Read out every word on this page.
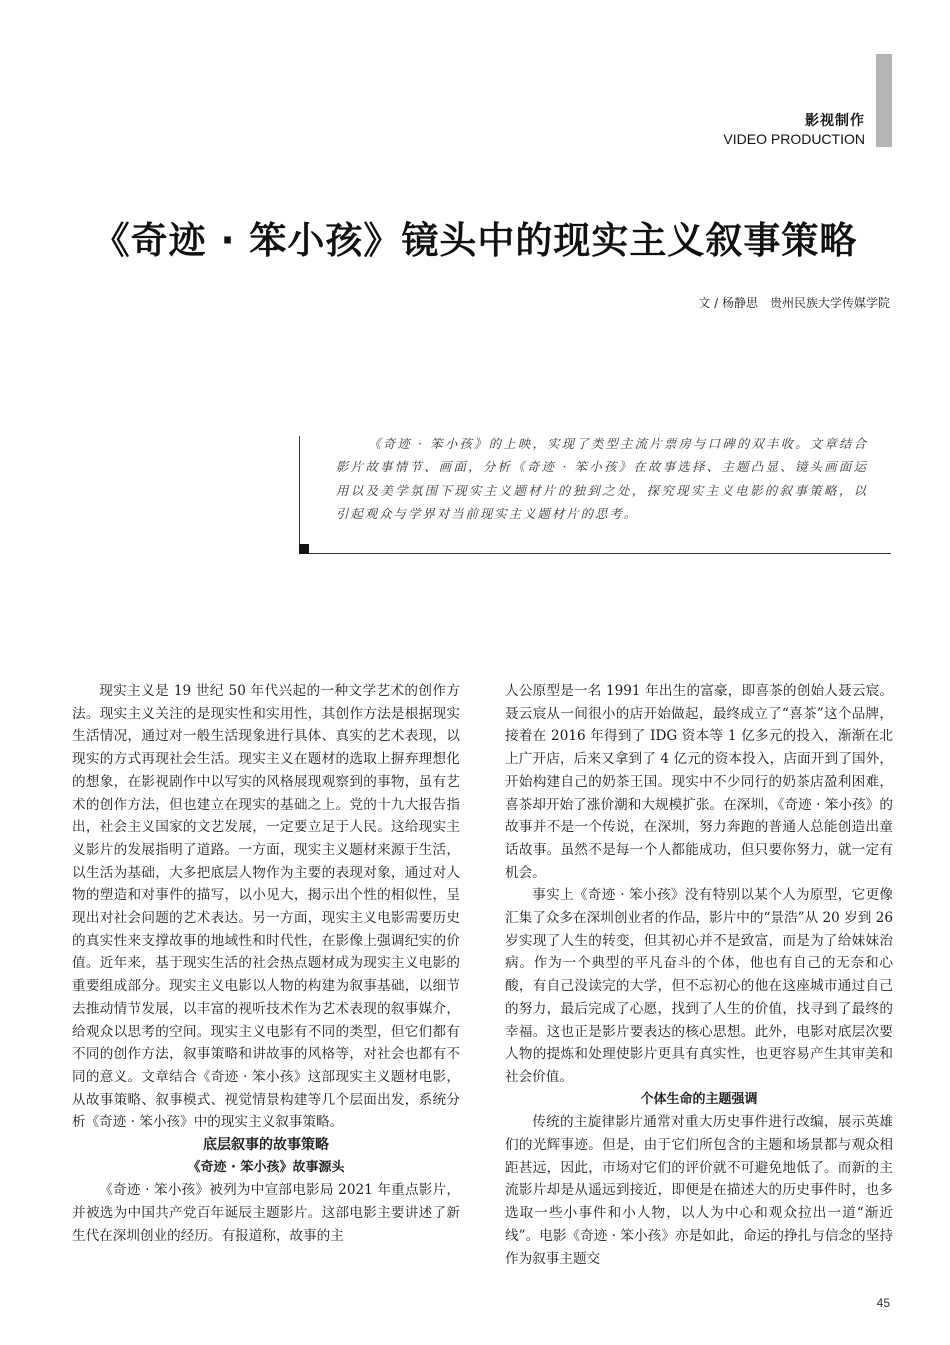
影视制作
VIDEO PRODUCTION
《奇迹 · 笨小孩》镜头中的现实主义叙事策略
文 / 杨静思　贵州民族大学传媒学院
《奇迹 · 笨小孩》的上映，实现了类型主流片票房与口碑的双丰收。文章结合影片故事情节、画面，分析《奇迹 · 笨小孩》在故事选择、主题凸显、镜头画面运用以及美学氛围下现实主义题材片的独到之处，探究现实主义电影的叙事策略，以引起观众与学界对当前现实主义题材片的思考。

现实主义是 19 世纪 50 年代兴起的一种文学艺术的创作方法。现实主义关注的是现实性和实用性，其创作方法是根据现实生活情况，通过对一般生活现象进行具体、真实的艺术表现，以现实的方式再现社会生活。现实主义在题材的选取上摒弃理想化的想象，在影视剧作中以写实的风格展现观察到的事物，虽有艺术的创作方法，但也建立在现实的基础之上。党的十九大报告指出，社会主义国家的文艺发展，一定要立足于人民。这给现实主义影片的发展指明了道路。一方面，现实主义题材来源于生活，以生活为基础，大多把底层人物作为主要的表现对象，通过对人物的塑造和对事件的描写，以小见大，揭示出个性的相似性，呈现出对社会问题的艺术表达。另一方面，现实主义电影需要历史的真实性来支撑故事的地域性和时代性，在影像上强调纪实的价值。近年来，基于现实生活的社会热点题材成为现实主义电影的重要组成部分。现实主义电影以人物的构建为叙事基础，以细节去推动情节发展，以丰富的视听技术作为艺术表现的叙事媒介，给观众以思考的空间。现实主义电影有不同的类型，但它们都有不同的创作方法，叙事策略和讲故事的风格等，对社会也都有不同的意义。文章结合《奇迹 · 笨小孩》这部现实主义题材电影，从故事策略、叙事模式、视觉情景构建等几个层面出发，系统分析《奇迹 · 笨小孩》中的现实主义叙事策略。

底层叙事的故事策略
《奇迹 · 笨小孩》故事源头

《奇迹 · 笨小孩》被列为中宣部电影局 2021 年重点影片，并被选为中国共产党百年诞辰主题影片。这部电影主要讲述了新生代在深圳创业的经历。有报道称，故事的主

人公原型是一名 1991 年出生的富豪，即喜茶的创始人聂云宸。聂云宸从一间很小的店开始做起，最终成立了“喜茶”这个品牌，接着在 2016 年得到了 IDG 资本等 1 亿多元的投入，渐渐在北上广开店，后来又拿到了 4 亿元的资本投入，店面开到了国外，开始构建自己的奶茶王国。现实中不少同行的奶茶店盈利困难，喜茶却开始了涨价潮和大规模扩张。在深圳，《奇迹 · 笨小孩》的故事并不是一个传说，在深圳，努力奔跑的普通人总能创造出童话故事。虽然不是每一个人都能成功，但只要你努力，就一定有机会。

事实上《奇迹 · 笨小孩》没有特别以某个人为原型，它更像汇集了众多在深圳创业者的作品，影片中的“景浩”从 20 岁到 26 岁实现了人生的转变，但其初心并不是致富，而是为了给妹妹治病。作为一个典型的平凡奋斗的个体，他也有自己的无奈和心酸，有自己没读完的大学，但不忘初心的他在这座城市通过自己的努力，最后完成了心愿，找到了人生的价值，找寻到了最终的幸福。这也正是影片要表达的核心思想。此外，电影对底层次要人物的提炼和处理使影片更具有真实性，也更容易产生其审美和社会价值。

个体生命的主题强调

传统的主旋律影片通常对重大历史事件进行改编，展示英雄们的光辉事迹。但是，由于它们所包含的主题和场景都与观众相距甚远，因此，市场对它们的评价就不可避免地低了。而新的主流影片却是从遥远到接近，即便是在描述大的历史事件时，也多选取一些小事件和小人物，以人为中心和观众拉出一道“渐近线”。电影《奇迹 · 笨小孩》亦是如此，命运的挣扎与信念的坚持作为叙事主题交

45
